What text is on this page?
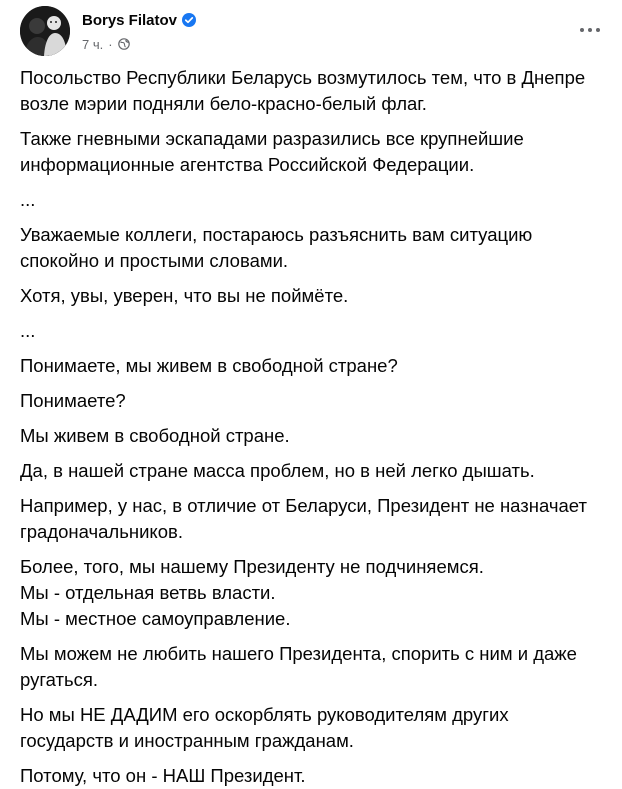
Borys Filatov
7 ч. ·

Посольство Республики Беларусь возмутилось тем, что в Днепре
возле мэрии подняли бело-красно-белый флаг.

Также гневными эскападами разразились все крупнейшие
информационные агентства Российской Федерации.

...

Уважаемые коллеги, постараюсь разъяснить вам ситуацию
спокойно и простыми словами.

Хотя, увы, уверен, что вы не поймёте.

...

Понимаете, мы живем в свободной стране?

Понимаете?

Мы живем в свободной стране.

Да, в нашей стране масса проблем, но в ней легко дышать.

Например, у нас, в отличие от Беларуси, Президент не назначает
градоначальников.

Более, того, мы нашему Президенту не подчиняемся.
Мы - отдельная ветвь власти.
Мы - местное самоуправление.

Мы можем не любить нашего Президента, спорить с ним и даже
ругаться.

Но мы НЕ ДАДИМ его оскорблять руководителям других
государств и иностранным гражданам.

Потому, что он - НАШ Президент.
